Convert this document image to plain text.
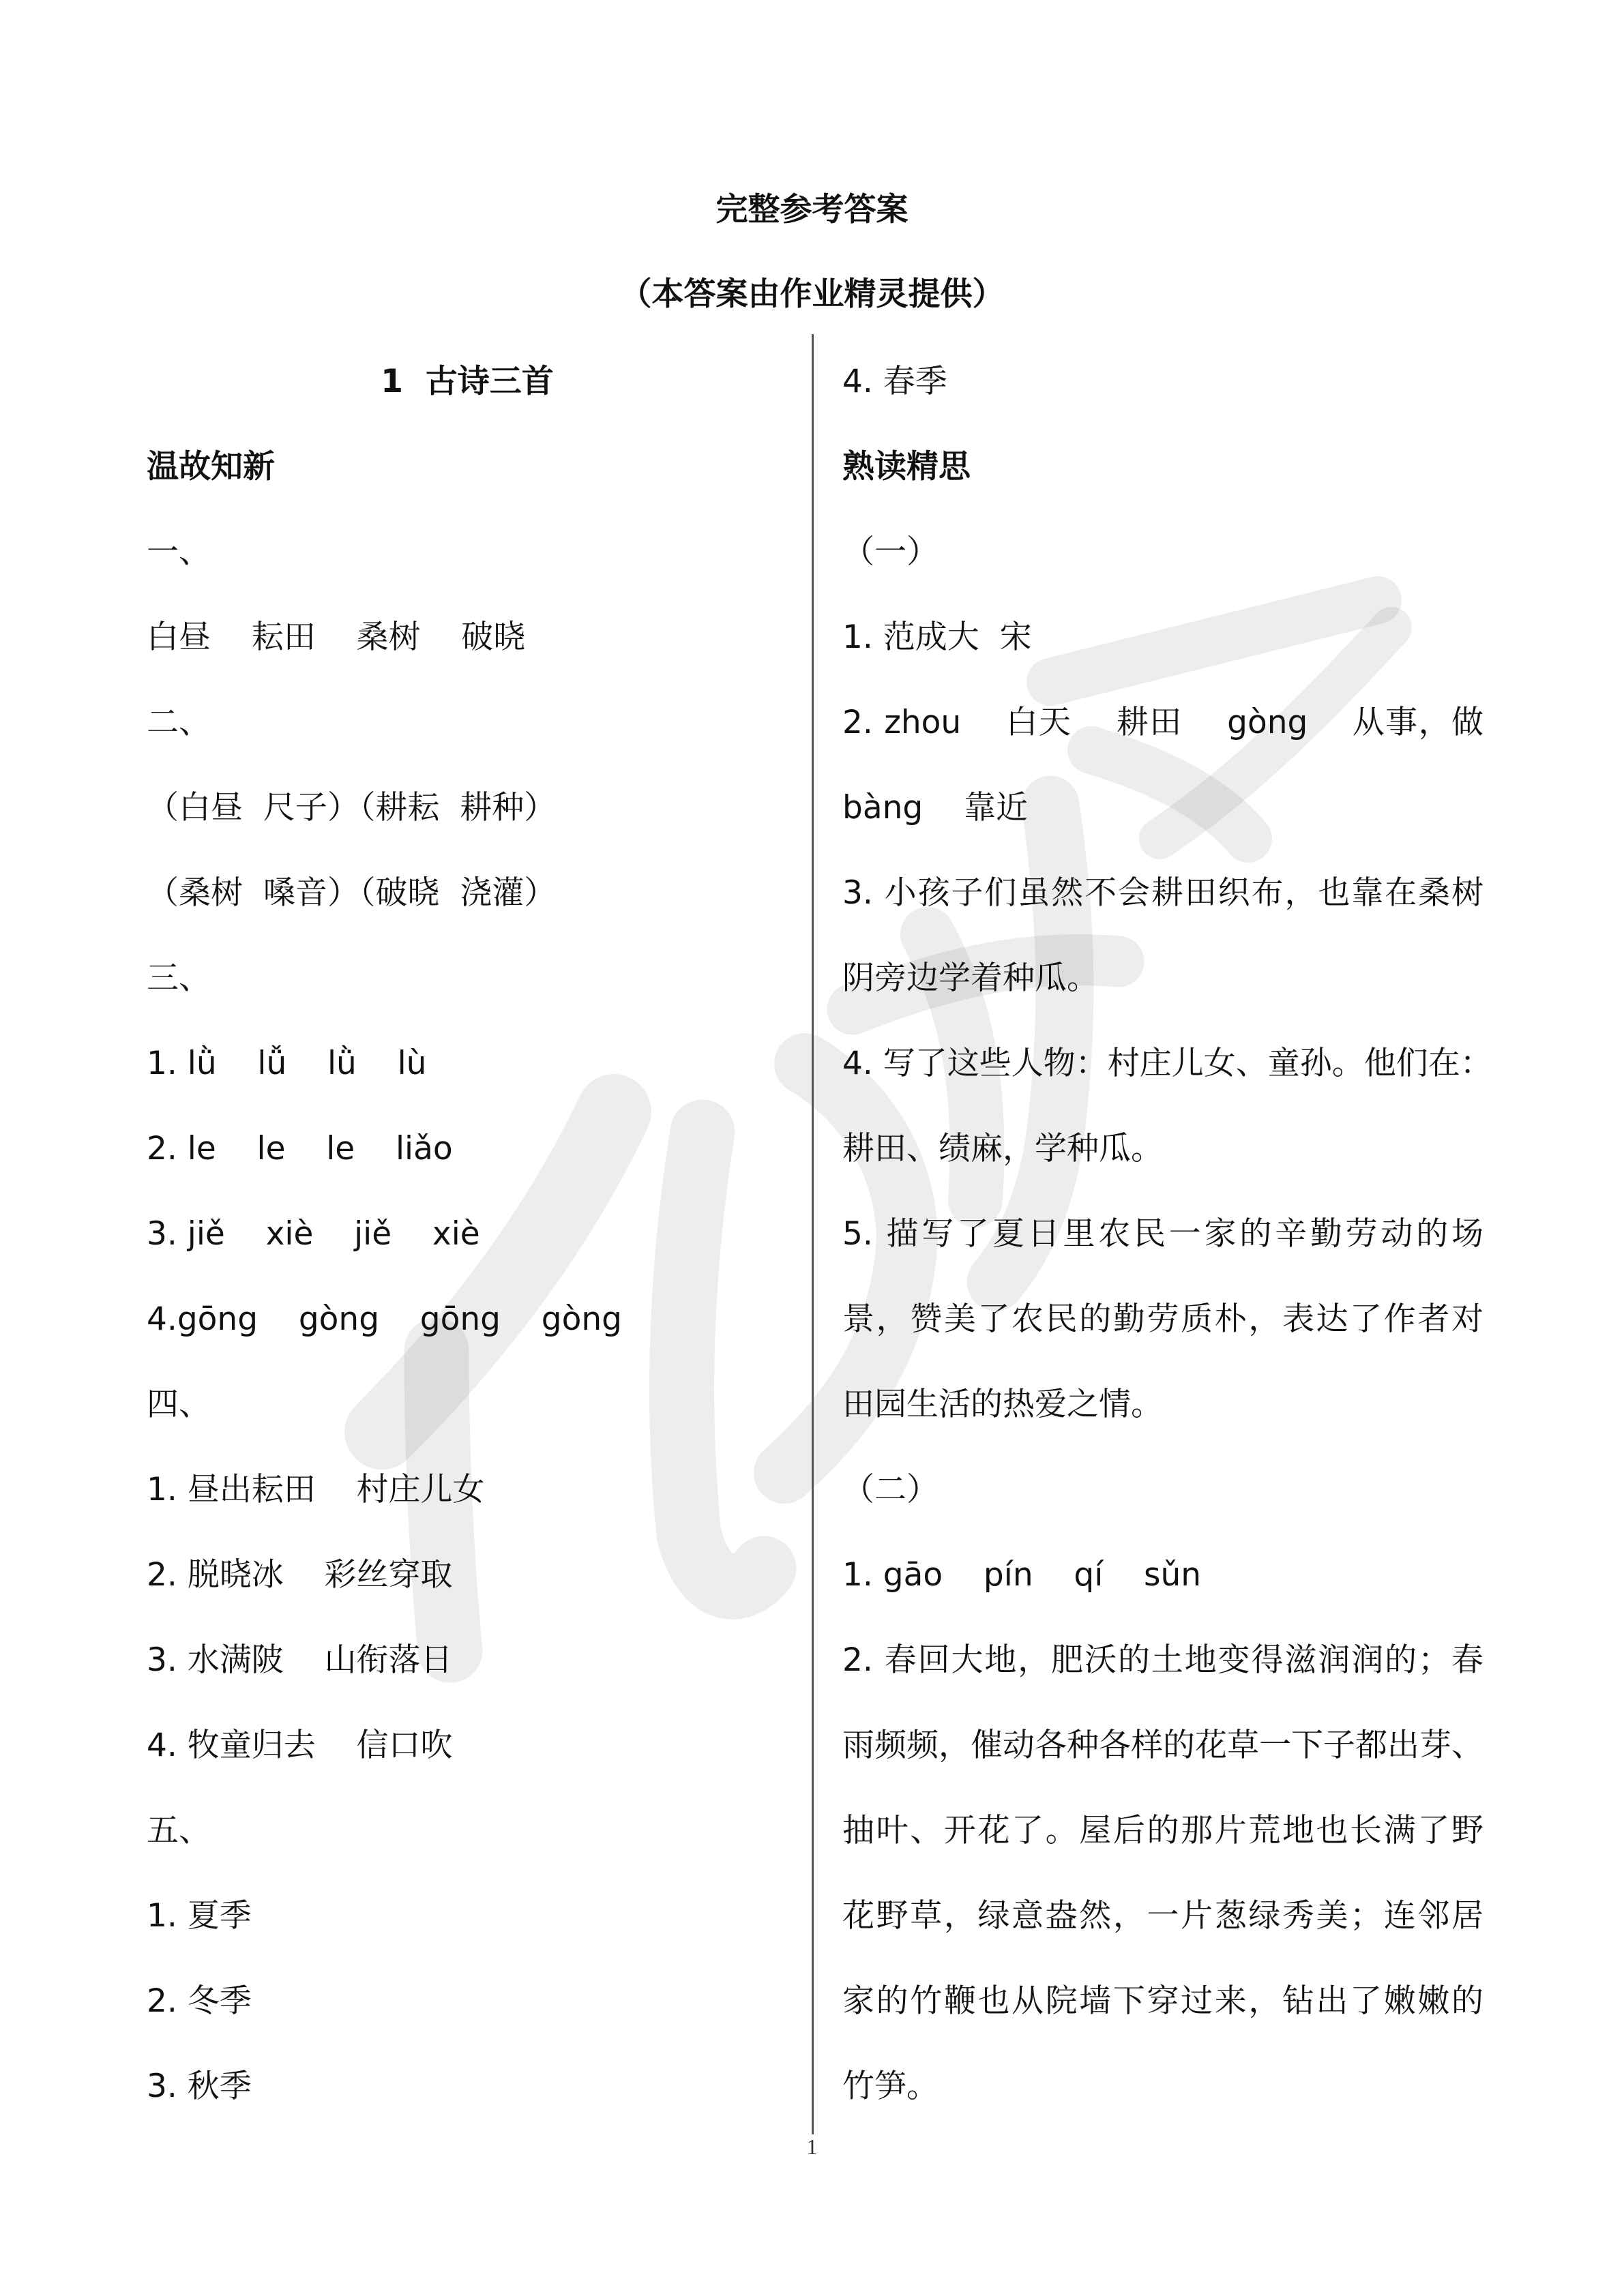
完整参考答案
（本答案由作业精灵提供）
1  古诗三首
温故知新
一、
白昼    耘田    桑树    破晓
二、
（白昼  尺子）（耕耘  耕种）
（桑树  嗓音）（破晓  浇灌）
三、
1. lǜ    lǚ    lǜ    lù
2. le    le    le    liǎo
3. jiě    xiè    jiě    xiè
4.gōng    gòng    gōng    gòng
四、
1. 昼出耘田    村庄儿女
2. 脱晓冰    彩丝穿取
3. 水满陂    山衔落日
4. 牧童归去    信口吹
五、
1. 夏季
2. 冬季
3. 秋季
4. 春季
熟读精思
（一）
1. 范成大  宋
2. zhou    白天    耕田    gòng    从事，做
bàng    靠近
3. 小孩子们虽然不会耕田织布，也靠在桑树
阴旁边学着种瓜。
4. 写了这些人物：村庄儿女、童孙。他们在：
耕田、绩麻，学种瓜。
5. 描写了夏日里农民一家的辛勤劳动的场
景，赞美了农民的勤劳质朴，表达了作者对
田园生活的热爱之情。
（二）
1. gāo    pín    qí    sǔn
2. 春回大地，肥沃的土地变得滋润润的；春
雨频频，催动各种各样的花草一下子都出芽、
抽叶、开花了。屋后的那片荒地也长满了野
花野草，绿意盎然，一片葱绿秀美；连邻居
家的竹鞭也从院墙下穿过来，钻出了嫩嫩的
竹笋。
1
